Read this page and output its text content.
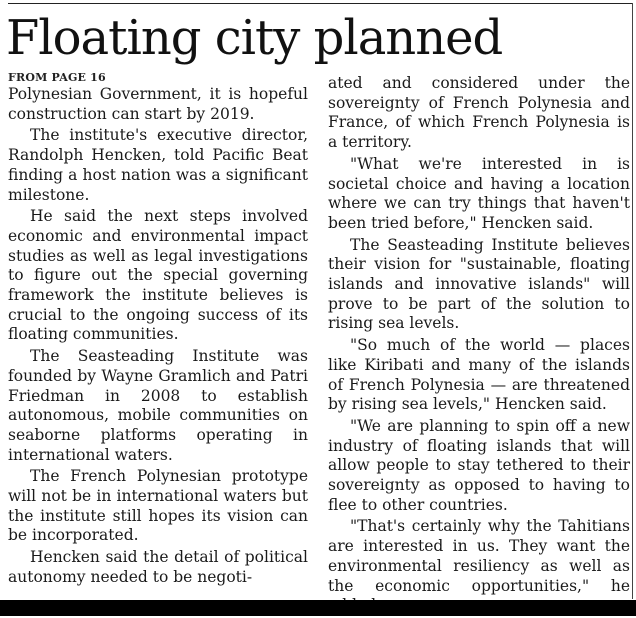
Floating city planned

FROM PAGE 16

Polynesian Government, it is hopeful construction can start by 2019.

The institute's executive director, Randolph Hencken, told Pacific Beat finding a host nation was a significant milestone.

He said the next steps involved economic and environmental impact studies as well as legal investigations to figure out the special governing framework the institute believes is crucial to the ongoing success of its floating communities.

The Seasteading Institute was founded by Wayne Gramlich and Patri Friedman in 2008 to establish autonomous, mobile communities on seaborne platforms operating in international waters.

The French Polynesian prototype will not be in international waters but the institute still hopes its vision can be incorporated.

Hencken said the detail of political autonomy needed to be negoti-

ated and considered under the sovereignty of French Polynesia and France, of which French Polynesia is a territory.

"What we're interested in is societal choice and having a location where we can try things that haven't been tried before," Hencken said.

The Seasteading Institute believes their vision for "sustainable, floating islands and innovative islands" will prove to be part of the solution to rising sea levels.

"So much of the world — places like Kiribati and many of the islands of French Polynesia — are threatened by rising sea levels," Hencken said.

"We are planning to spin off a new industry of floating islands that will allow people to stay tethered to their sovereignty as opposed to having to flee to other countries.

"That's certainly why the Tahitians are interested in us. They want the environmental resiliency as well as the economic opportunities," he
